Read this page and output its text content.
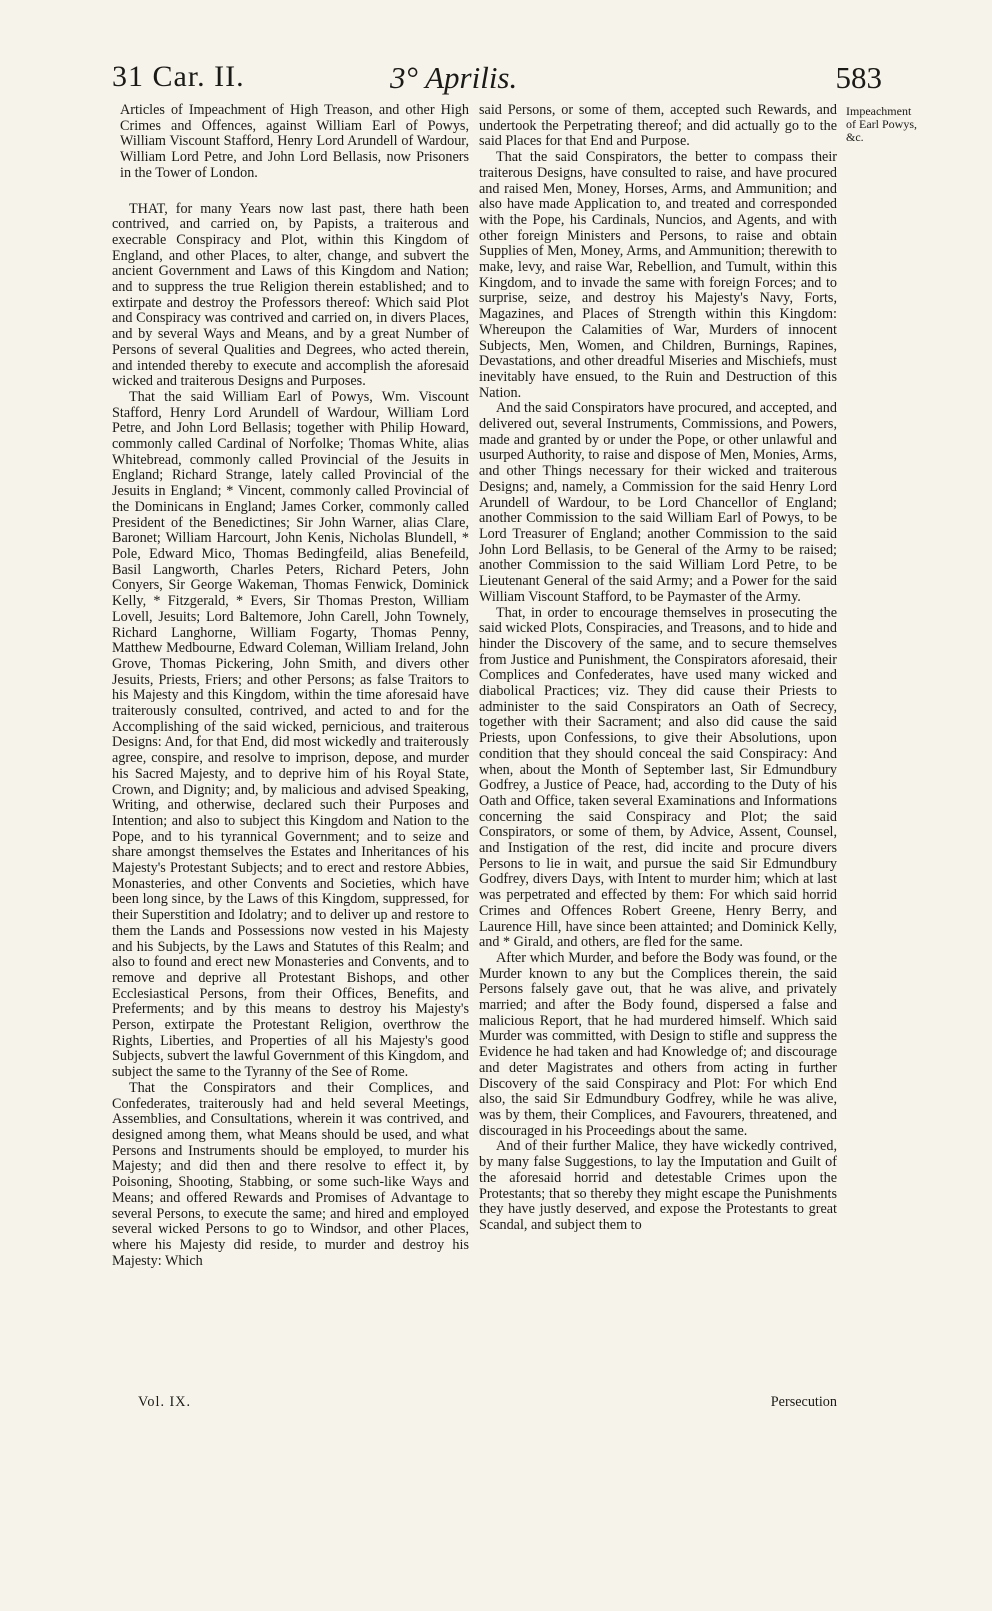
31 Car. II.	3° Aprilis.	583

Articles of Impeachment of High Treason, and other High Crimes and Offences, against William Earl of Powys, William Viscount Stafford, Henry Lord Arundell of Wardour, William Lord Petre, and John Lord Bellasis, now Prisoners in the Tower of London.

THAT, for many Years now last past, there hath been contrived, and carried on, by Papists, a traiterous and execrable Conspiracy and Plot, within this Kingdom of England, and other Places, to alter, change, and subvert the ancient Government and Laws of this Kingdom and Nation; and to suppress the true Religion therein established; and to extirpate and destroy the Professors thereof: Which said Plot and Conspiracy was contrived and carried on, in divers Places, and by several Ways and Means, and by a great Number of Persons of several Qualities and Degrees, who acted therein, and intended thereby to execute and accomplish the aforesaid wicked and traiterous Designs and Purposes.

That the said William Earl of Powys, Wm. Viscount Stafford, Henry Lord Arundell of Wardour, William Lord Petre, and John Lord Bellasis; together with Philip Howard, commonly called Cardinal of Norfolke; Thomas White, alias Whitebread, commonly called Provincial of the Jesuits in England; Richard Strange, lately called Provincial of the Jesuits in England; * Vincent, commonly called Provincial of the Dominicans in England; James Corker, commonly called President of the Benedictines; Sir John Warner, alias Clare, Baronet; William Harcourt, John Kenis, Nicholas Blundell, * Pole, Edward Mico, Thomas Bedingfeild, alias Benefeild, Basil Langworth, Charles Peters, Richard Peters, John Conyers, Sir George Wakeman, Thomas Fenwick, Dominick Kelly, * Fitzgerald, * Evers, Sir Thomas Preston, William Lovell, Jesuits; Lord Baltemore, John Carell, John Townely, Richard Langhorne, William Fogarty, Thomas Penny, Matthew Medbourne, Edward Coleman, William Ireland, John Grove, Thomas Pickering, John Smith, and divers other Jesuits, Priests, Friers; and other Persons; as false Traitors to his Majesty and this Kingdom, within the time aforesaid have traiterously consulted, contrived, and acted to and for the Accomplishing of the said wicked, pernicious, and traiterous Designs: And, for that End, did most wickedly and traiterously agree, conspire, and resolve to imprison, depose, and murder his Sacred Majesty, and to deprive him of his Royal State, Crown, and Dignity; and, by malicious and advised Speaking, Writing, and otherwise, declared such their Purposes and Intention; and also to subject this Kingdom and Nation to the Pope, and to his tyrannical Government; and to seize and share amongst themselves the Estates and Inheritances of his Majesty's Protestant Subjects; and to erect and restore Abbies, Monasteries, and other Convents and Societies, which have been long since, by the Laws of this Kingdom, suppressed, for their Superstition and Idolatry; and to deliver up and restore to them the Lands and Possessions now vested in his Majesty and his Subjects, by the Laws and Statutes of this Realm; and also to found and erect new Monasteries and Convents, and to remove and deprive all Protestant Bishops, and other Ecclesiastical Persons, from their Offices, Benefits, and Preferments; and by this means to destroy his Majesty's Person, extirpate the Protestant Religion, overthrow the Rights, Liberties, and Properties of all his Majesty's good Subjects, subvert the lawful Government of this Kingdom, and subject the same to the Tyranny of the See of Rome.

That the Conspirators and their Complices, and Confederates, traiterously had and held several Meetings, Assemblies, and Consultations, wherein it was contrived, and designed among them, what Means should be used, and what Persons and Instruments should be employed, to murder his Majesty; and did then and there resolve to effect it, by Poisoning, Shooting, Stabbing, or some such-like Ways and Means; and offered Rewards and Promises of Advantage to several Persons, to execute the same; and hired and employed several wicked Persons to go to Windsor, and other Places, where his Majesty did reside, to murder and destroy his Majesty: Which

said Persons, or some of them, accepted such Rewards, and undertook the Perpetrating thereof; and did actually go to the said Places for that End and Purpose.

That the said Conspirators, the better to compass their traiterous Designs, have consulted to raise, and have procured and raised Men, Money, Horses, Arms, and Ammunition; and also have made Application to, and treated and corresponded with the Pope, his Cardinals, Nuncios, and Agents, and with other foreign Ministers and Persons, to raise and obtain Supplies of Men, Money, Arms, and Ammunition; therewith to make, levy, and raise War, Rebellion, and Tumult, within this Kingdom, and to invade the same with foreign Forces; and to surprise, seize, and destroy his Majesty's Navy, Forts, Magazines, and Places of Strength within this Kingdom: Whereupon the Calamities of War, Murders of innocent Subjects, Men, Women, and Children, Burnings, Rapines, Devastations, and other dreadful Miseries and Mischiefs, must inevitably have ensued, to the Ruin and Destruction of this Nation.

And the said Conspirators have procured, and accepted, and delivered out, several Instruments, Commissions, and Powers, made and granted by or under the Pope, or other unlawful and usurped Authority, to raise and dispose of Men, Monies, Arms, and other Things necessary for their wicked and traiterous Designs; and, namely, a Commission for the said Henry Lord Arundell of Wardour, to be Lord Chancellor of England; another Commission to the said William Earl of Powys, to be Lord Treasurer of England; another Commission to the said John Lord Bellasis, to be General of the Army to be raised; another Commission to the said William Lord Petre, to be Lieutenant General of the said Army; and a Power for the said William Viscount Stafford, to be Paymaster of the Army.

That, in order to encourage themselves in prosecuting the said wicked Plots, Conspiracies, and Treasons, and to hide and hinder the Discovery of the same, and to secure themselves from Justice and Punishment, the Conspirators aforesaid, their Complices and Confederates, have used many wicked and diabolical Practices; viz. They did cause their Priests to administer to the said Conspirators an Oath of Secrecy, together with their Sacrament; and also did cause the said Priests, upon Confessions, to give their Absolutions, upon condition that they should conceal the said Conspiracy: And when, about the Month of September last, Sir Edmundbury Godfrey, a Justice of Peace, had, according to the Duty of his Oath and Office, taken several Examinations and Informations concerning the said Conspiracy and Plot; the said Conspirators, or some of them, by Advice, Assent, Counsel, and Instigation of the rest, did incite and procure divers Persons to lie in wait, and pursue the said Sir Edmundbury Godfrey, divers Days, with Intent to murder him; which at last was perpetrated and effected by them: For which said horrid Crimes and Offences Robert Greene, Henry Berry, and Laurence Hill, have since been attainted; and Dominick Kelly, and * Girald, and others, are fled for the same.

After which Murder, and before the Body was found, or the Murder known to any but the Complices therein, the said Persons falsely gave out, that he was alive, and privately married; and after the Body found, dispersed a false and malicious Report, that he had murdered himself. Which said Murder was committed, with Design to stifle and suppress the Evidence he had taken and had Knowledge of; and discourage and deter Magistrates and others from acting in further Discovery of the said Conspiracy and Plot: For which End also, the said Sir Edmundbury Godfrey, while he was alive, was by them, their Complices, and Favourers, threatened, and discouraged in his Proceedings about the same.

And of their further Malice, they have wickedly contrived, by many false Suggestions, to lay the Imputation and Guilt of the aforesaid horrid and detestable Crimes upon the Protestants; that so thereby they might escape the Punishments they have justly deserved, and expose the Protestants to great Scandal, and subject them to

Impeachment of Earl Powys, &c.
Vol. IX.	Persecution
